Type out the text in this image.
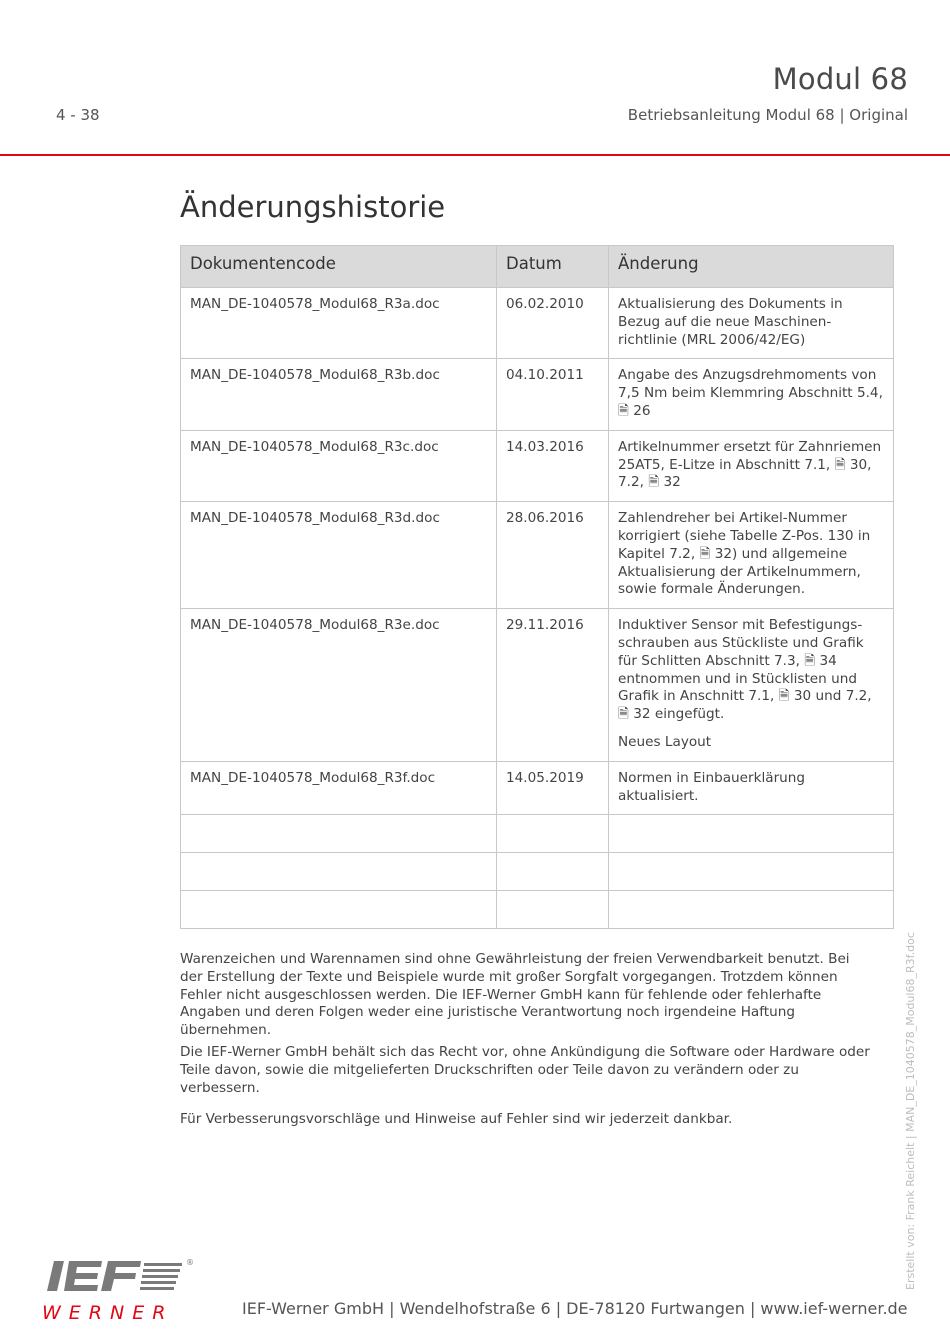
Modul 68
4 - 38	Betriebsanleitung Modul 68 | Original
Änderungshistorie
Dokumentencode	Datum	Änderung
MAN_DE-1040578_Modul68_R3a.doc	06.02.2010	Aktualisierung des Dokuments in Bezug auf die neue Maschinenrichtlinie (MRL 2006/42/EG)

MAN_DE-1040578_Modul68_R3b.doc	04.10.2011	Angabe des Anzugsdrehmoments von 7,5 Nm beim Klemmring Abschnitt 5.4, 🗎 26

MAN_DE-1040578_Modul68_R3c.doc	14.03.2016	Artikelnummer ersetzt für Zahnriemen 25AT5, E-Litze in Abschnitt 7.1, 🗎 30, 7.2, 🗎 32

MAN_DE-1040578_Modul68_R3d.doc	28.06.2016	Zahlendreher bei Artikel-Nummer korrigiert (siehe Tabelle Z-Pos. 130 in Kapitel 7.2, 🗎 32) und allgemeine Aktualisierung der Artikelnummern, sowie formale Änderungen.

MAN_DE-1040578_Modul68_R3e.doc	29.11.2016	Induktiver Sensor mit Befestigungsschrauben aus Stückliste und Grafik für Schlitten Abschnitt 7.3, 🗎 34 entnommen und in Stücklisten und Grafik in Anschnitt 7.1, 🗎 30 und 7.2, 🗎 32 eingefügt.

Neues Layout

MAN_DE-1040578_Modul68_R3f.doc	14.05.2019	Normen in Einbauerklärung aktualisiert.

Warenzeichen und Warennamen sind ohne Gewährleistung der freien Verwendbarkeit benutzt. Bei der Erstellung der Texte und Beispiele wurde mit großer Sorgfalt vorgegangen. Trotzdem können Fehler nicht ausgeschlossen werden. Die IEF-Werner GmbH kann für fehlende oder fehlerhafte Angaben und deren Folgen weder eine juristische Verantwortung noch irgendeine Haftung übernehmen.

Die IEF-Werner GmbH behält sich das Recht vor, ohne Ankündigung die Software oder Hardware oder Teile davon, sowie die mitgelieferten Druckschriften oder Teile davon zu verändern oder zu verbessern.

Für Verbesserungsvorschläge und Hinweise auf Fehler sind wir jederzeit dankbar.	Erstellt von: Frank Reichelt | MAN_DE_1040578_Modul68_R3f.doc
®
WERNER	IEF-Werner GmbH | Wendelhofstraße 6 | DE-78120 Furtwangen | www.ief-werner.de
